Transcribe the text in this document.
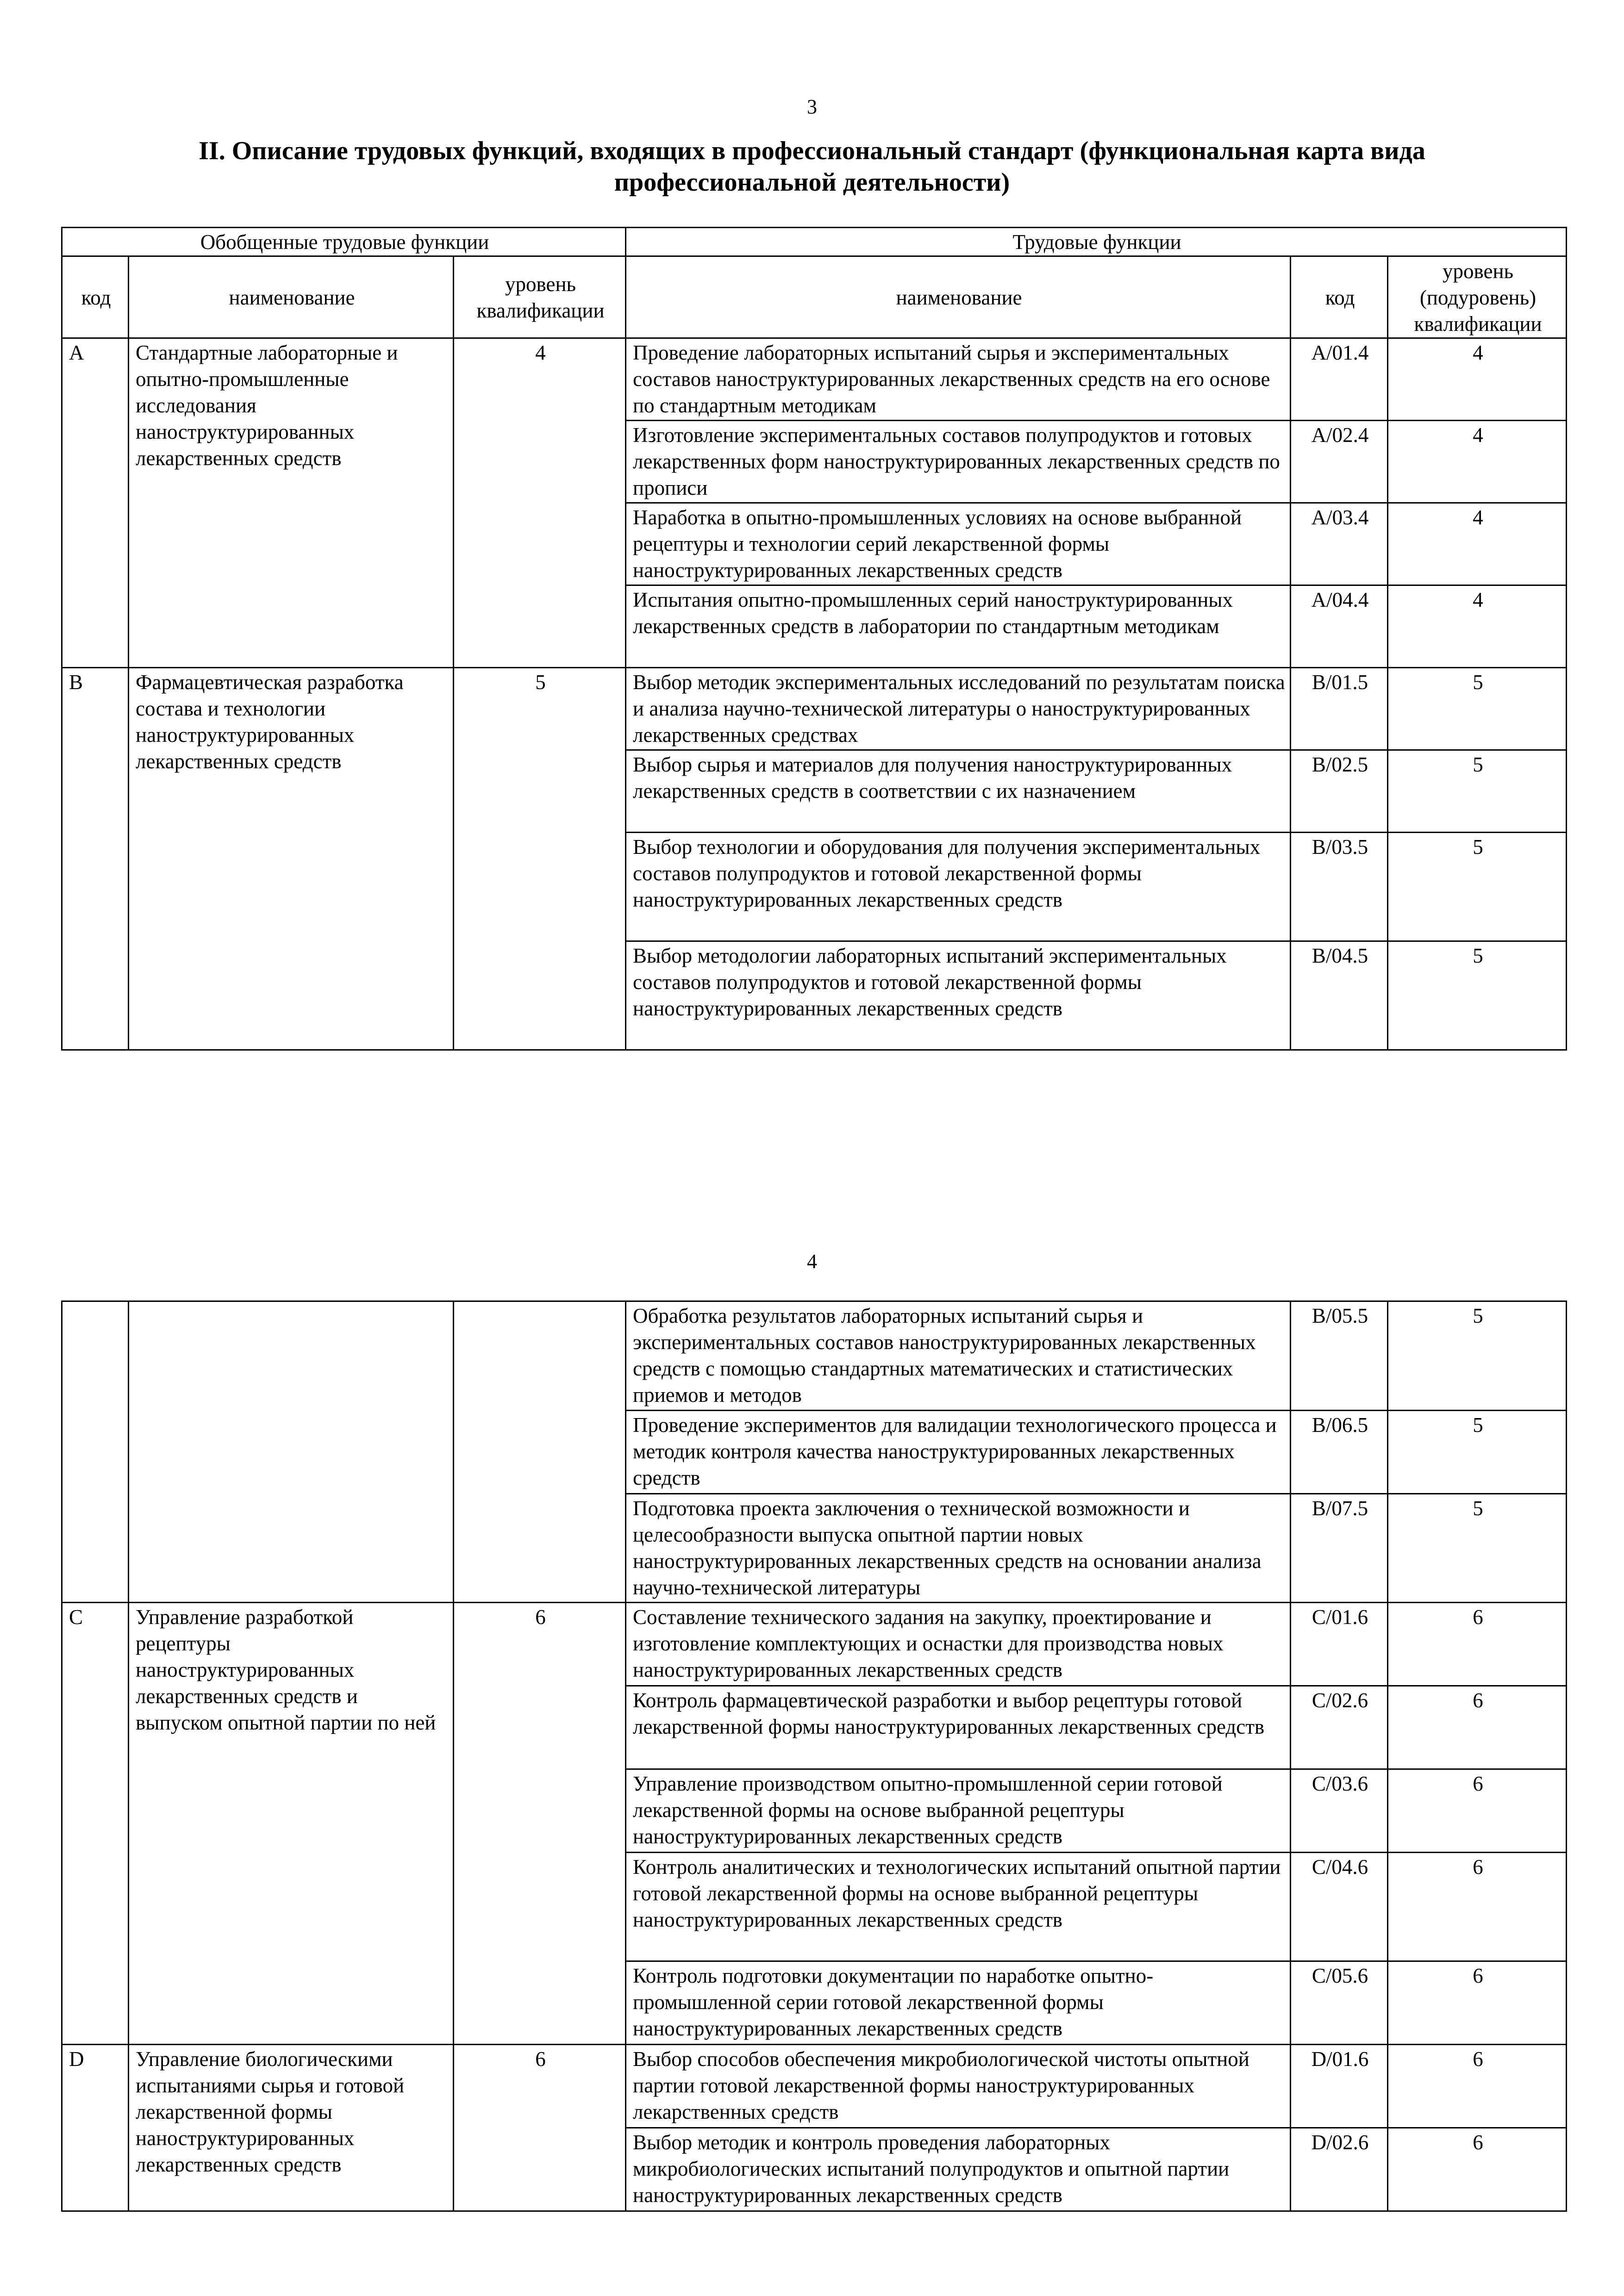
3
II. Описание трудовых функций, входящих в профессиональный стандарт (функциональная карта вида профессиональной деятельности)
Обобщенные трудовые функции			Трудовые функции		
код	наименование	уровень квалификации	наименование	код	уровень (подуровень) квалификации
A	Стандартные лабораторные и опытно-промышленные исследования наноструктурированных лекарственных средств	4	Проведение лабораторных испытаний сырья и экспериментальных составов наноструктурированных лекарственных средств на его основе по стандартным методикам	A/01.4	4
			Изготовление экспериментальных составов полупродуктов и готовых лекарственных форм наноструктурированных лекарственных средств по прописи	A/02.4	4
			Наработка в опытно-промышленных условиях на основе выбранной рецептуры и технологии серий лекарственной формы наноструктурированных лекарственных средств	A/03.4	4
			Испытания опытно-промышленных серий наноструктурированных лекарственных средств в лаборатории по стандартным методикам	A/04.4	4
B	Фармацевтическая разработка состава и технологии наноструктурированных лекарственных средств	5	Выбор методик экспериментальных исследований по результатам поиска и анализа научно-технической литературы о наноструктурированных лекарственных средствах	B/01.5	5
			Выбор сырья и материалов для получения наноструктурированных лекарственных средств в соответствии с их назначением	B/02.5	5
			Выбор технологии и оборудования для получения экспериментальных составов полупродуктов и готовой лекарственной формы наноструктурированных лекарственных средств	B/03.5	5
			Выбор методологии лабораторных испытаний экспериментальных составов полупродуктов и готовой лекарственной формы наноструктурированных лекарственных средств	B/04.5	5
4
			Обработка результатов лабораторных испытаний сырья и экспериментальных составов наноструктурированных лекарственных средств с помощью стандартных математических и статистических приемов и методов	B/05.5	5
			Проведение экспериментов для валидации технологического процесса и методик контроля качества наноструктурированных лекарственных средств	B/06.5	5
			Подготовка проекта заключения о технической возможности и целесообразности выпуска опытной партии новых наноструктурированных лекарственных средств на основании анализа научно-технической литературы	B/07.5	5
C	Управление разработкой рецептуры наноструктурированных лекарственных средств и выпуском опытной партии по ней	6	Составление технического задания на закупку, проектирование и изготовление комплектующих и оснастки для производства новых наноструктурированных лекарственных средств	C/01.6	6
			Контроль фармацевтической разработки и выбор рецептуры готовой лекарственной формы наноструктурированных лекарственных средств	C/02.6	6
			Управление производством опытно-промышленной серии готовой лекарственной формы на основе выбранной рецептуры наноструктурированных лекарственных средств	C/03.6	6
			Контроль аналитических и технологических испытаний опытной партии готовой лекарственной формы на основе выбранной рецептуры наноструктурированных лекарственных средств	C/04.6	6
			Контроль подготовки документации по наработке опытно-промышленной серии готовой лекарственной формы наноструктурированных лекарственных средств	C/05.6	6
D	Управление биологическими испытаниями сырья и готовой лекарственной формы наноструктурированных лекарственных средств	6	Выбор способов обеспечения микробиологической чистоты опытной партии готовой лекарственной формы наноструктурированных лекарственных средств	D/01.6	6
			Выбор методик и контроль проведения лабораторных микробиологических испытаний полупродуктов и опытной партии наноструктурированных лекарственных средств	D/02.6	6
